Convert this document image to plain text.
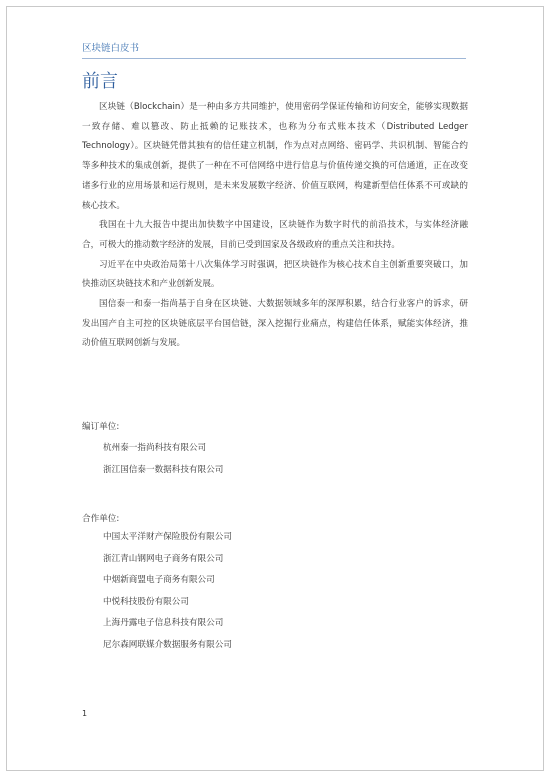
区块链白皮书
前言

区块链（Blockchain）是一种由多方共同维护，使用密码学保证传输和访问安全，能够实现数据一致存储、难以篡改、防止抵赖的记账技术，也称为分布式账本技术（Distributed Ledger Technology）。区块链凭借其独有的信任建立机制，作为点对点网络、密码学、共识机制、智能合约等多种技术的集成创新，提供了一种在不可信网络中进行信息与价值传递交换的可信通道，正在改变诸多行业的应用场景和运行规则，是未来发展数字经济、价值互联网，构建新型信任体系不可或缺的核心技术。

我国在十九大报告中提出加快数字中国建设，区块链作为数字时代的前沿技术，与实体经济融合，可极大的推动数字经济的发展，目前已受到国家及各级政府的重点关注和扶持。

习近平在中央政治局第十八次集体学习时强调，把区块链作为核心技术自主创新重要突破口，加快推动区块链技术和产业创新发展。

国信泰一和泰一指尚基于自身在区块链、大数据领域多年的深厚积累，结合行业客户的诉求，研发出国产自主可控的区块链底层平台国信链，深入挖掘行业痛点，构建信任体系，赋能实体经济，推动价值互联网创新与发展。

编订单位:
杭州泰一指尚科技有限公司
浙江国信泰一数据科技有限公司
合作单位:
中国太平洋财产保险股份有限公司
浙江青山钢网电子商务有限公司
中烟新商盟电子商务有限公司
中悦科技股份有限公司
上海丹露电子信息科技有限公司
尼尔森网联媒介数据服务有限公司
1
